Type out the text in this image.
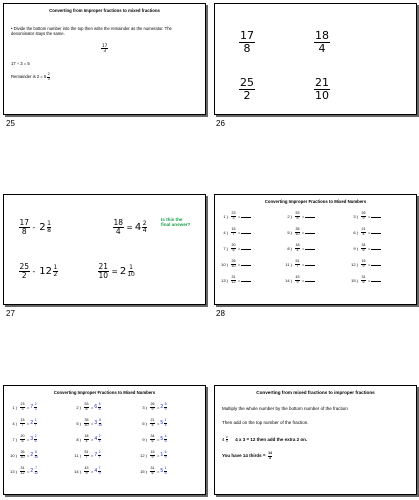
Converting from Improper fractions to mixed fractions
• Divide the bottom number into the top then write the remainder as the numerator. The denominator stays the same.
$\frac{17}{3}$
17 ÷ 3 = 5
Remainder is $2 = 5 \frac{2}{3}$
25
$\frac{17}{8}$	$\frac{18}{4}$
$\frac{25}{2}$	$\frac{21}{10}$
26
$\frac{17}{8} - 2 \frac{1}{8}$	$\frac{18}{4} = 4 \frac{2}{4}$
Is this the final answer?
$\frac{25}{2} - 12 \frac{1}{2}$	$\frac{21}{10} = 2 \frac{1}{10}$
27
Converting Improper Fractions to Mixed Numbers
1 ) $\frac{23}{3}$ =	2 ) $\frac{53}{8}$ =	3 ) $\frac{26}{9}$ =
4 ) $\frac{15}{7}$ =	5 ) $\frac{35}{10}$ =	6 ) $\frac{21}{4}$ =
7 ) $\frac{20}{6}$ =	8 ) $\frac{18}{4}$ =	9 ) $\frac{34}{6}$ =
10 ) $\frac{26}{10}$ =	11 ) $\frac{51}{7}$ =	12 ) $\frac{15}{9}$ =
13 ) $\frac{31}{12}$ =	14 ) $\frac{43}{9}$ =	15 ) $\frac{31}{6}$ =
28
Converting Improper Fractions to Mixed Numbers
1 ) $\frac{23}{3} = 7 \frac{2}{3}$	2 ) $\frac{53}{8} = 6 \frac{5}{8}$	3 ) $\frac{26}{9} = 2 \frac{8}{9}$
4 ) $\frac{15}{7} = 2 \frac{1}{7}$	5 ) $\frac{35}{10} = 3 \frac{5}{10}$	6 ) $\frac{21}{4} = 5 \frac{1}{4}$
7 ) $\frac{20}{6} = 3 \frac{2}{6}$	8 ) $\frac{18}{4} = 4 \frac{2}{4}$	9 ) $\frac{34}{6} = 5 \frac{4}{6}$
10 ) $\frac{26}{10} = 2 \frac{6}{10}$	11 ) $\frac{51}{7} = 7 \frac{2}{7}$	12 ) $\frac{15}{9} = 1 \frac{6}{9}$
13 ) $\frac{31}{12} = 2 \frac{7}{12}$	14 ) $\frac{43}{9} = 4 \frac{7}{9}$	15 ) $\frac{31}{6} = 5 \frac{1}{6}$
Converting from mixed fractions to improper fractions
Multiply the whole number by the bottom number of the fraction
Then add on the top number of the fraction.
$4 \frac{2}{3} 4$ x 3 = 12 then add the extra 2 on.
You have 14 thirds = $\frac{14}{3}$
